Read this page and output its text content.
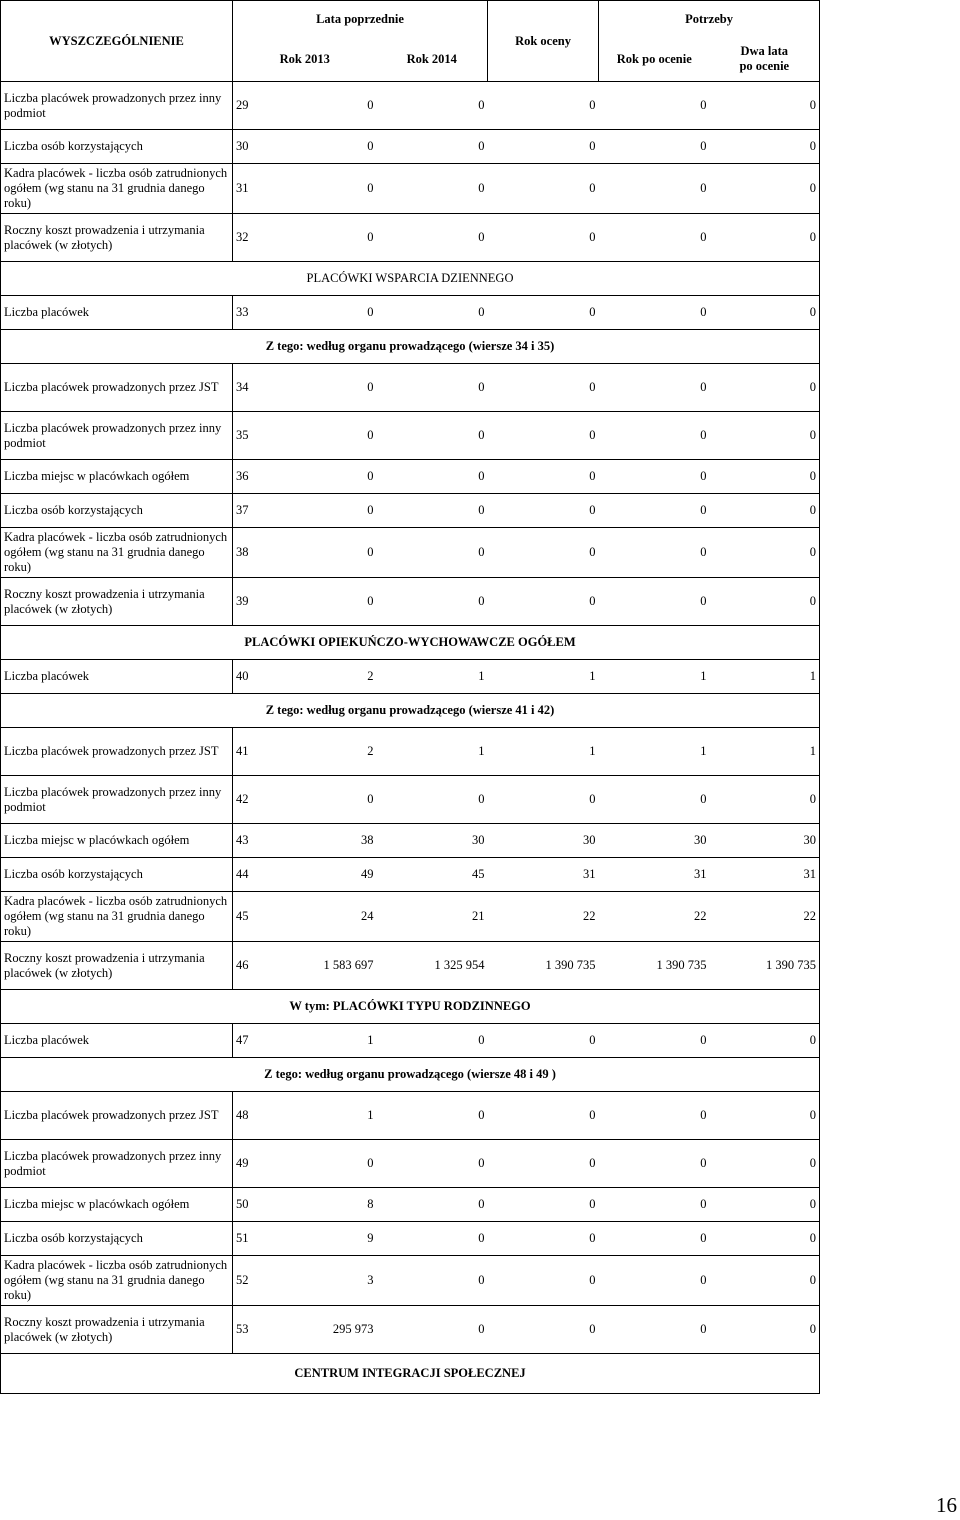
WYSZCZEGÓLNIENIE	Lata poprzednie			Rok oceny	Potrzeby	
	Rok 2013		Rok 2014		Rok po ocenie	Dwa lata
po ocenie
Liczba placówek prowadzonych przez inny podmiot	29	0	0	0	0	0
Liczba osób korzystających	30	0	0	0	0	0
Kadra placówek - liczba osób zatrudnionych ogółem (wg stanu na 31 grudnia danego roku)	31	0	0	0	0	0
Roczny koszt prowadzenia i utrzymania placówek (w złotych)	32	0	0	0	0	0
PLACÓWKI WSPARCIA DZIENNEGO						
Liczba placówek	33	0	0	0	0	0
Z tego: według organu prowadzącego (wiersze 34 i 35)						
Liczba placówek prowadzonych przez JST	34	0	0	0	0	0
Liczba placówek prowadzonych przez inny podmiot	35	0	0	0	0	0
Liczba miejsc w placówkach ogółem	36	0	0	0	0	0
Liczba osób korzystających	37	0	0	0	0	0
Kadra placówek - liczba osób zatrudnionych ogółem (wg stanu na 31 grudnia danego roku)	38	0	0	0	0	0
Roczny koszt prowadzenia i utrzymania placówek (w złotych)	39	0	0	0	0	0
PLACÓWKI OPIEKUŃCZO-WYCHOWAWCZE OGÓŁEM						
Liczba placówek	40	2	1	1	1	1
Z tego: według organu prowadzącego (wiersze 41 i 42)						
Liczba placówek prowadzonych przez JST	41	2	1	1	1	1
Liczba placówek prowadzonych przez inny podmiot	42	0	0	0	0	0
Liczba miejsc w placówkach ogółem	43	38	30	30	30	30
Liczba osób korzystających	44	49	45	31	31	31
Kadra placówek - liczba osób zatrudnionych ogółem (wg stanu na 31 grudnia danego roku)	45	24	21	22	22	22
Roczny koszt prowadzenia i utrzymania placówek (w złotych)	46	1 583 697	1 325 954	1 390 735	1 390 735	1 390 735
W tym: PLACÓWKI TYPU RODZINNEGO						
Liczba placówek	47	1	0	0	0	0
Z tego: według organu prowadzącego (wiersze 48 i 49 )						
Liczba placówek prowadzonych przez JST	48	1	0	0	0	0
Liczba placówek prowadzonych przez inny podmiot	49	0	0	0	0	0
Liczba miejsc w placówkach ogółem	50	8	0	0	0	0
Liczba osób korzystających	51	9	0	0	0	0
Kadra placówek - liczba osób zatrudnionych ogółem (wg stanu na 31 grudnia danego roku)	52	3	0	0	0	0
Roczny koszt prowadzenia i utrzymania placówek (w złotych)	53	295 973	0	0	0	0
CENTRUM INTEGRACJI SPOŁECZNEJ						
16
